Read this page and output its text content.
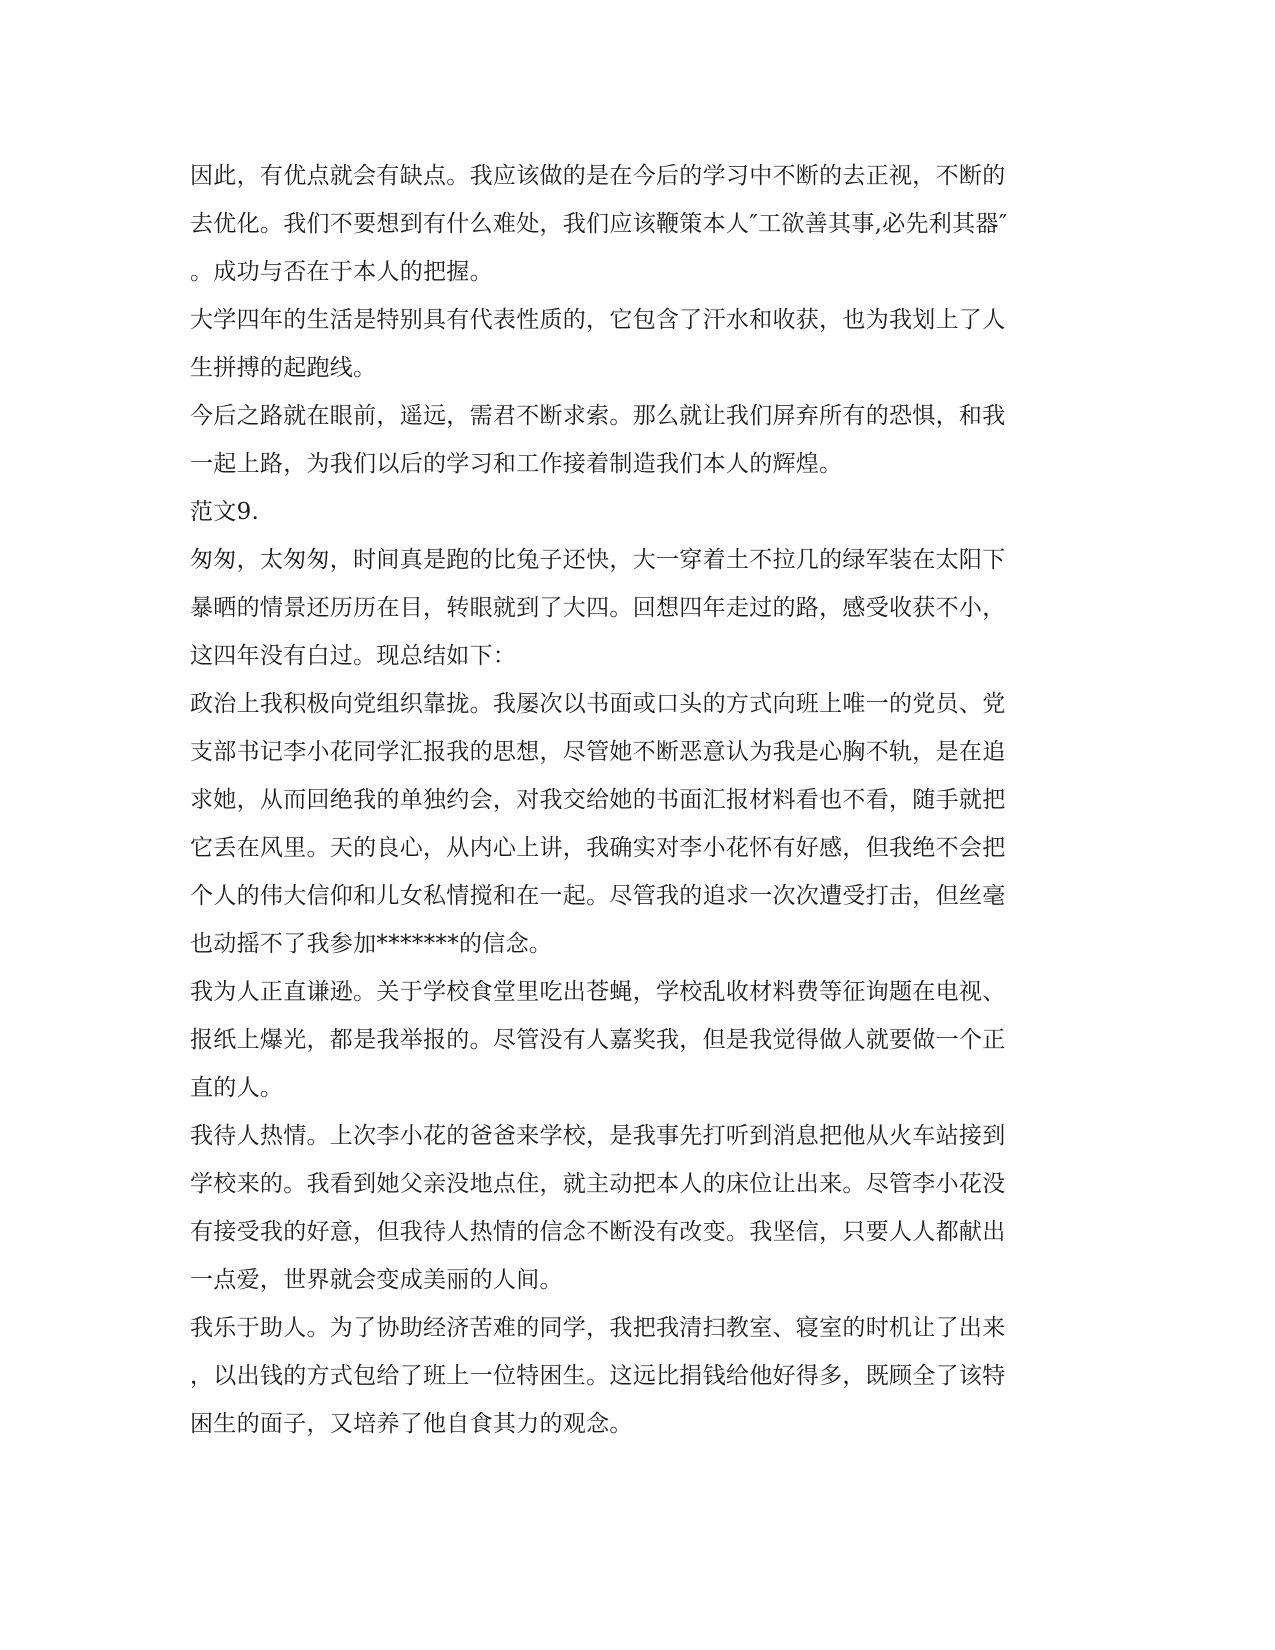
因此，有优点就会有缺点。我应该做的是在今后的学习中不断的去正视，不断的
去优化。我们不要想到有什么难处，我们应该鞭策本人″工欲善其事,必先利其器″
。成功与否在于本人的把握。
大学四年的生活是特别具有代表性质的，它包含了汗水和收获，也为我划上了人
生拼搏的起跑线。
今后之路就在眼前，遥远，需君不断求索。那么就让我们屏弃所有的恐惧，和我
一起上路，为我们以后的学习和工作接着制造我们本人的辉煌。
范文9.
匆匆，太匆匆，时间真是跑的比兔子还快，大一穿着土不拉几的绿军装在太阳下
暴晒的情景还历历在目，转眼就到了大四。回想四年走过的路，感受收获不小，
这四年没有白过。现总结如下：
政治上我积极向党组织靠拢。我屡次以书面或口头的方式向班上唯一的党员、党
支部书记李小花同学汇报我的思想，尽管她不断恶意认为我是心胸不轨，是在追
求她，从而回绝我的单独约会，对我交给她的书面汇报材料看也不看，随手就把
它丢在风里。天的良心，从内心上讲，我确实对李小花怀有好感，但我绝不会把
个人的伟大信仰和儿女私情搅和在一起。尽管我的追求一次次遭受打击，但丝毫
也动摇不了我参加*******的信念。
我为人正直谦逊。关于学校食堂里吃出苍蝇，学校乱收材料费等征询题在电视、
报纸上爆光，都是我举报的。尽管没有人嘉奖我，但是我觉得做人就要做一个正
直的人。
我待人热情。上次李小花的爸爸来学校，是我事先打听到消息把他从火车站接到
学校来的。我看到她父亲没地点住，就主动把本人的床位让出来。尽管李小花没
有接受我的好意，但我待人热情的信念不断没有改变。我坚信，只要人人都献出
一点爱，世界就会变成美丽的人间。
我乐于助人。为了协助经济苦难的同学，我把我清扫教室、寝室的时机让了出来
，以出钱的方式包给了班上一位特困生。这远比捐钱给他好得多，既顾全了该特
困生的面子，又培养了他自食其力的观念。
